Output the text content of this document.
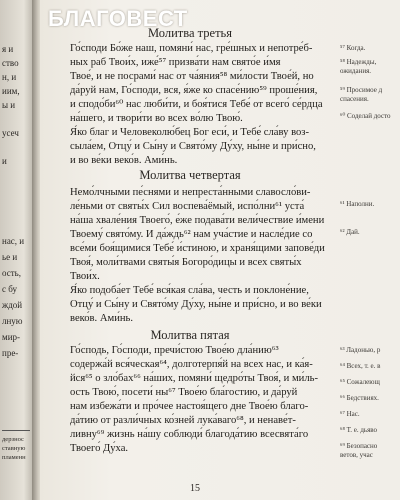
я и
ство
н, и
иим,
ы и
усеч
и
нас, и
ье и
ость,
с бу
ждой
лную
мир-
пре-
дерзнос
ставную
пламенн
БЛАГОВЕСТ
Молитва третья
Го́споди Бо́же наш, помяни́ нас, гре́шных и непотре́б-
ных раб Твои́х, иже́⁵⁷ призва́ти нам свято́е и́мя
Твое́, и не посрами́ нас от ча́яния⁵⁸ ми́лости Твое́й, но
да́руй нам, Го́споди, вся, я́же ко спасе́нию⁵⁹ проше́ния,
и сподо́би⁶⁰ нас люби́ти, и боя́тися Тебе́ от всего́ се́рдца
на́шего, и твори́ти во всех во́лю Твою́.
Я́ко благ и Человеколю́бец Бог еси́, и Тебе́ сла́ву воз-
сыла́ем, Отцу́ и Сы́ну и Свято́му Ду́ху, ны́не и при́сно,
и во ве́ки веко́в. Ами́нь.
Молитва четвертая
Немо́лчными пе́снями и непреста́нными славосло́ви-
ле́ньми от святы́х Сил воспева́ёмый, испо́лни⁶¹ уста́
на́ша хвале́ния Твоего́, е́же подава́ти вели́чествие и́мени
Твоему́ свято́му. И да́ждь⁶² нам уча́стие и насле́дие со
все́ми боя́щимися Тебе́ и́стиною, и храня́щими запове́ди
Твоя́, моли́твами святы́я Богоро́дицы и всех святы́х
Твои́х.
Я́ко подоба́ет Тебе́ вся́кая сла́ва, честь и поклоне́ние,
Отцу́ и Сы́ну и Свято́му Ду́ху, ны́не и при́сно, и во ве́ки
веко́в. Ами́нь.
Молитва пятая
Го́сподь, Го́споди, пречи́стою Твое́ю дла́нию⁶³
содержа́й вся́ческая⁶⁴, долготерпя́й на всех нас, и ка́я-
йся⁶⁵ о зло́бах⁶⁶ на́ших, помяни́ щедро́ты Твоя́, и ми́ль-
ость Твою́, посети́ ны⁶⁷ Твое́ю бла́гостию, и да́руй
нам избежа́ти и про́чее настоя́щего дне Твое́ю благо-
да́тию от разли́чных ко́зней лука́ваго⁶⁸, и ненаве́т-
ливну⁶⁹ жизнь на́шу соблюди́ благода́тию всесвята́го
Твоего́ Ду́ха.
⁵⁷ Когда.
⁵⁸ Надежды,
ожидания.
⁵⁹ Просимое д
спасения.
⁶⁰ Соделай досто
⁶¹ Наполни.
⁶² Дай.
⁶³ Ладонью, р
⁶⁴ Всех, т. е. в
⁶⁵ Сожалеющ
⁶⁶ Бедствиях.
⁶⁷ Нас.
⁶⁸ Т. е. дьяво
⁶⁹ Безопасно
ветов, учас
15
